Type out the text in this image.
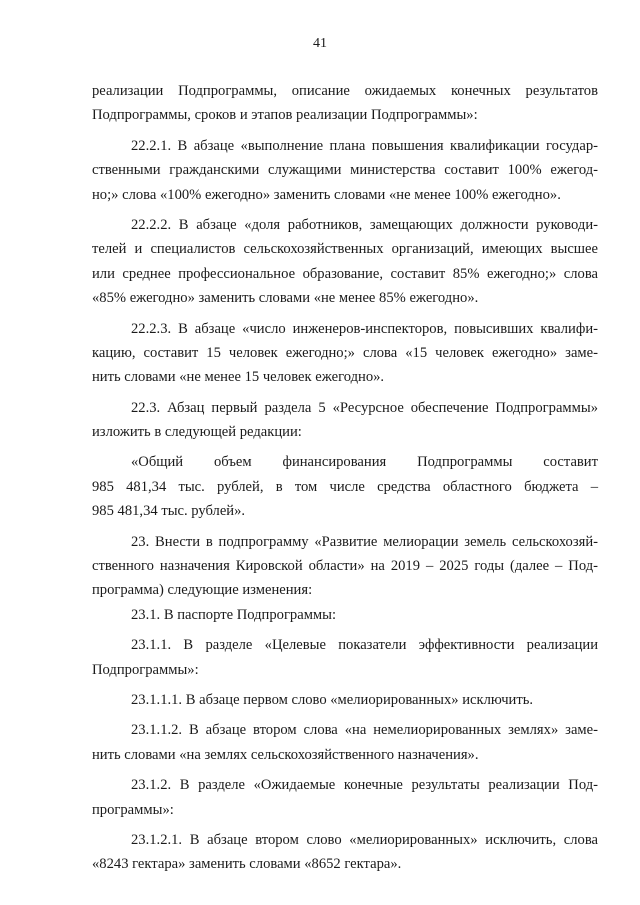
41
реализации Подпрограммы, описание ожидаемых конечных результатов
Подпрограммы, сроков и этапов реализации Подпрограммы»:
22.2.1. В абзаце «выполнение плана повышения квалификации государ-
ственными гражданскими служащими министерства составит 100% ежегод-
но;» слова «100% ежегодно» заменить словами «не менее 100% ежегодно».
22.2.2. В абзаце «доля работников, замещающих должности руководи-
телей и специалистов сельскохозяйственных организаций, имеющих высшее
или среднее профессиональное образование, составит 85% ежегодно;» слова
«85% ежегодно» заменить словами «не менее 85% ежегодно».
22.2.3. В абзаце «число инженеров-инспекторов, повысивших квалифи-
кацию, составит 15 человек ежегодно;» слова «15 человек ежегодно» заме-
нить словами «не менее 15 человек ежегодно».
22.3. Абзац первый раздела 5 «Ресурсное обеспечение Подпрограммы»
изложить в следующей редакции:
«Общий объем финансирования Подпрограммы составит
985 481,34 тыс. рублей, в том числе средства областного бюджета –
985 481,34 тыс. рублей».
23. Внести в подпрограмму «Развитие мелиорации земель сельскохозяй-
ственного назначения Кировской области» на 2019 – 2025 годы (далее – Под-
программа) следующие изменения:
23.1. В паспорте Подпрограммы:
23.1.1. В разделе «Целевые показатели эффективности реализации
Подпрограммы»:
23.1.1.1. В абзаце первом слово «мелиорированных» исключить.
23.1.1.2. В абзаце втором слова «на немелиорированных землях» заме-
нить словами «на землях сельскохозяйственного назначения».
23.1.2. В разделе «Ожидаемые конечные результаты реализации Под-
программы»:
23.1.2.1. В абзаце втором слово «мелиорированных» исключить, слова
«8243 гектара» заменить словами «8652 гектара».
